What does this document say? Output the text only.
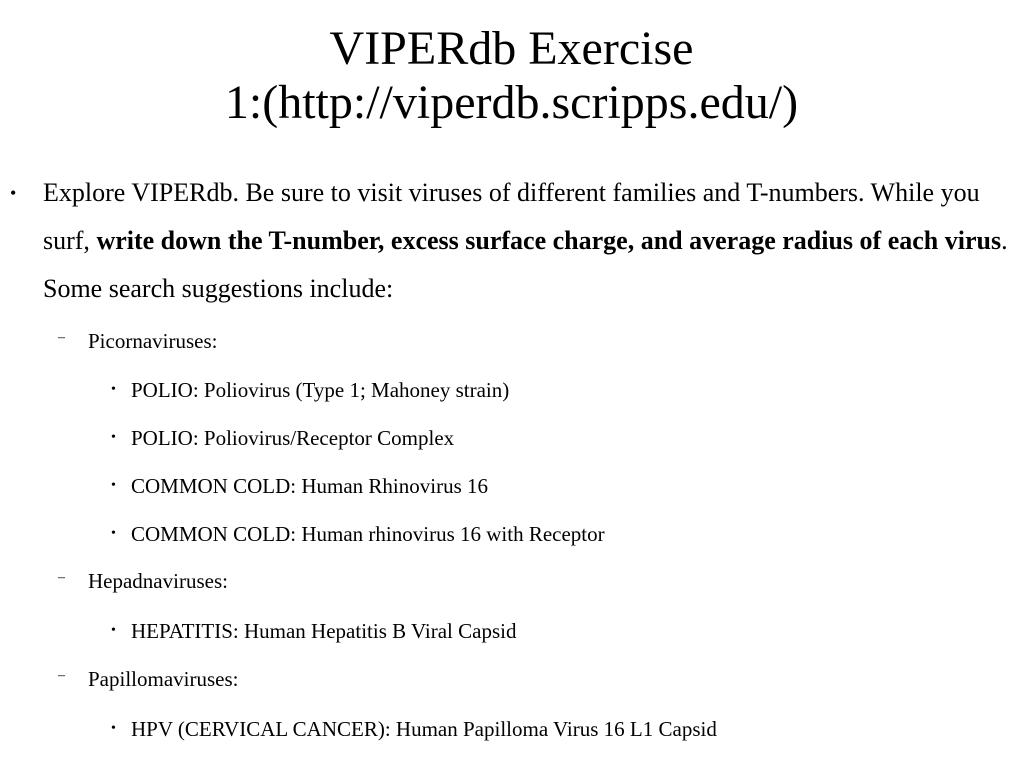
VIPERdb Exercise
1:(http://viperdb.scripps.edu/)
• Explore VIPERdb. Be sure to visit viruses of different families and T-numbers. While you surf, write down the T-number, excess surface charge, and average radius of each virus. Some search suggestions include:
– Picornaviruses:
• POLIO: Poliovirus (Type 1; Mahoney strain)
• POLIO: Poliovirus/Receptor Complex
• COMMON COLD: Human Rhinovirus 16
• COMMON COLD: Human rhinovirus 16 with Receptor
– Hepadnaviruses:
• HEPATITIS: Human Hepatitis B Viral Capsid
– Papillomaviruses:
• HPV (CERVICAL CANCER): Human Papilloma Virus 16 L1 Capsid
